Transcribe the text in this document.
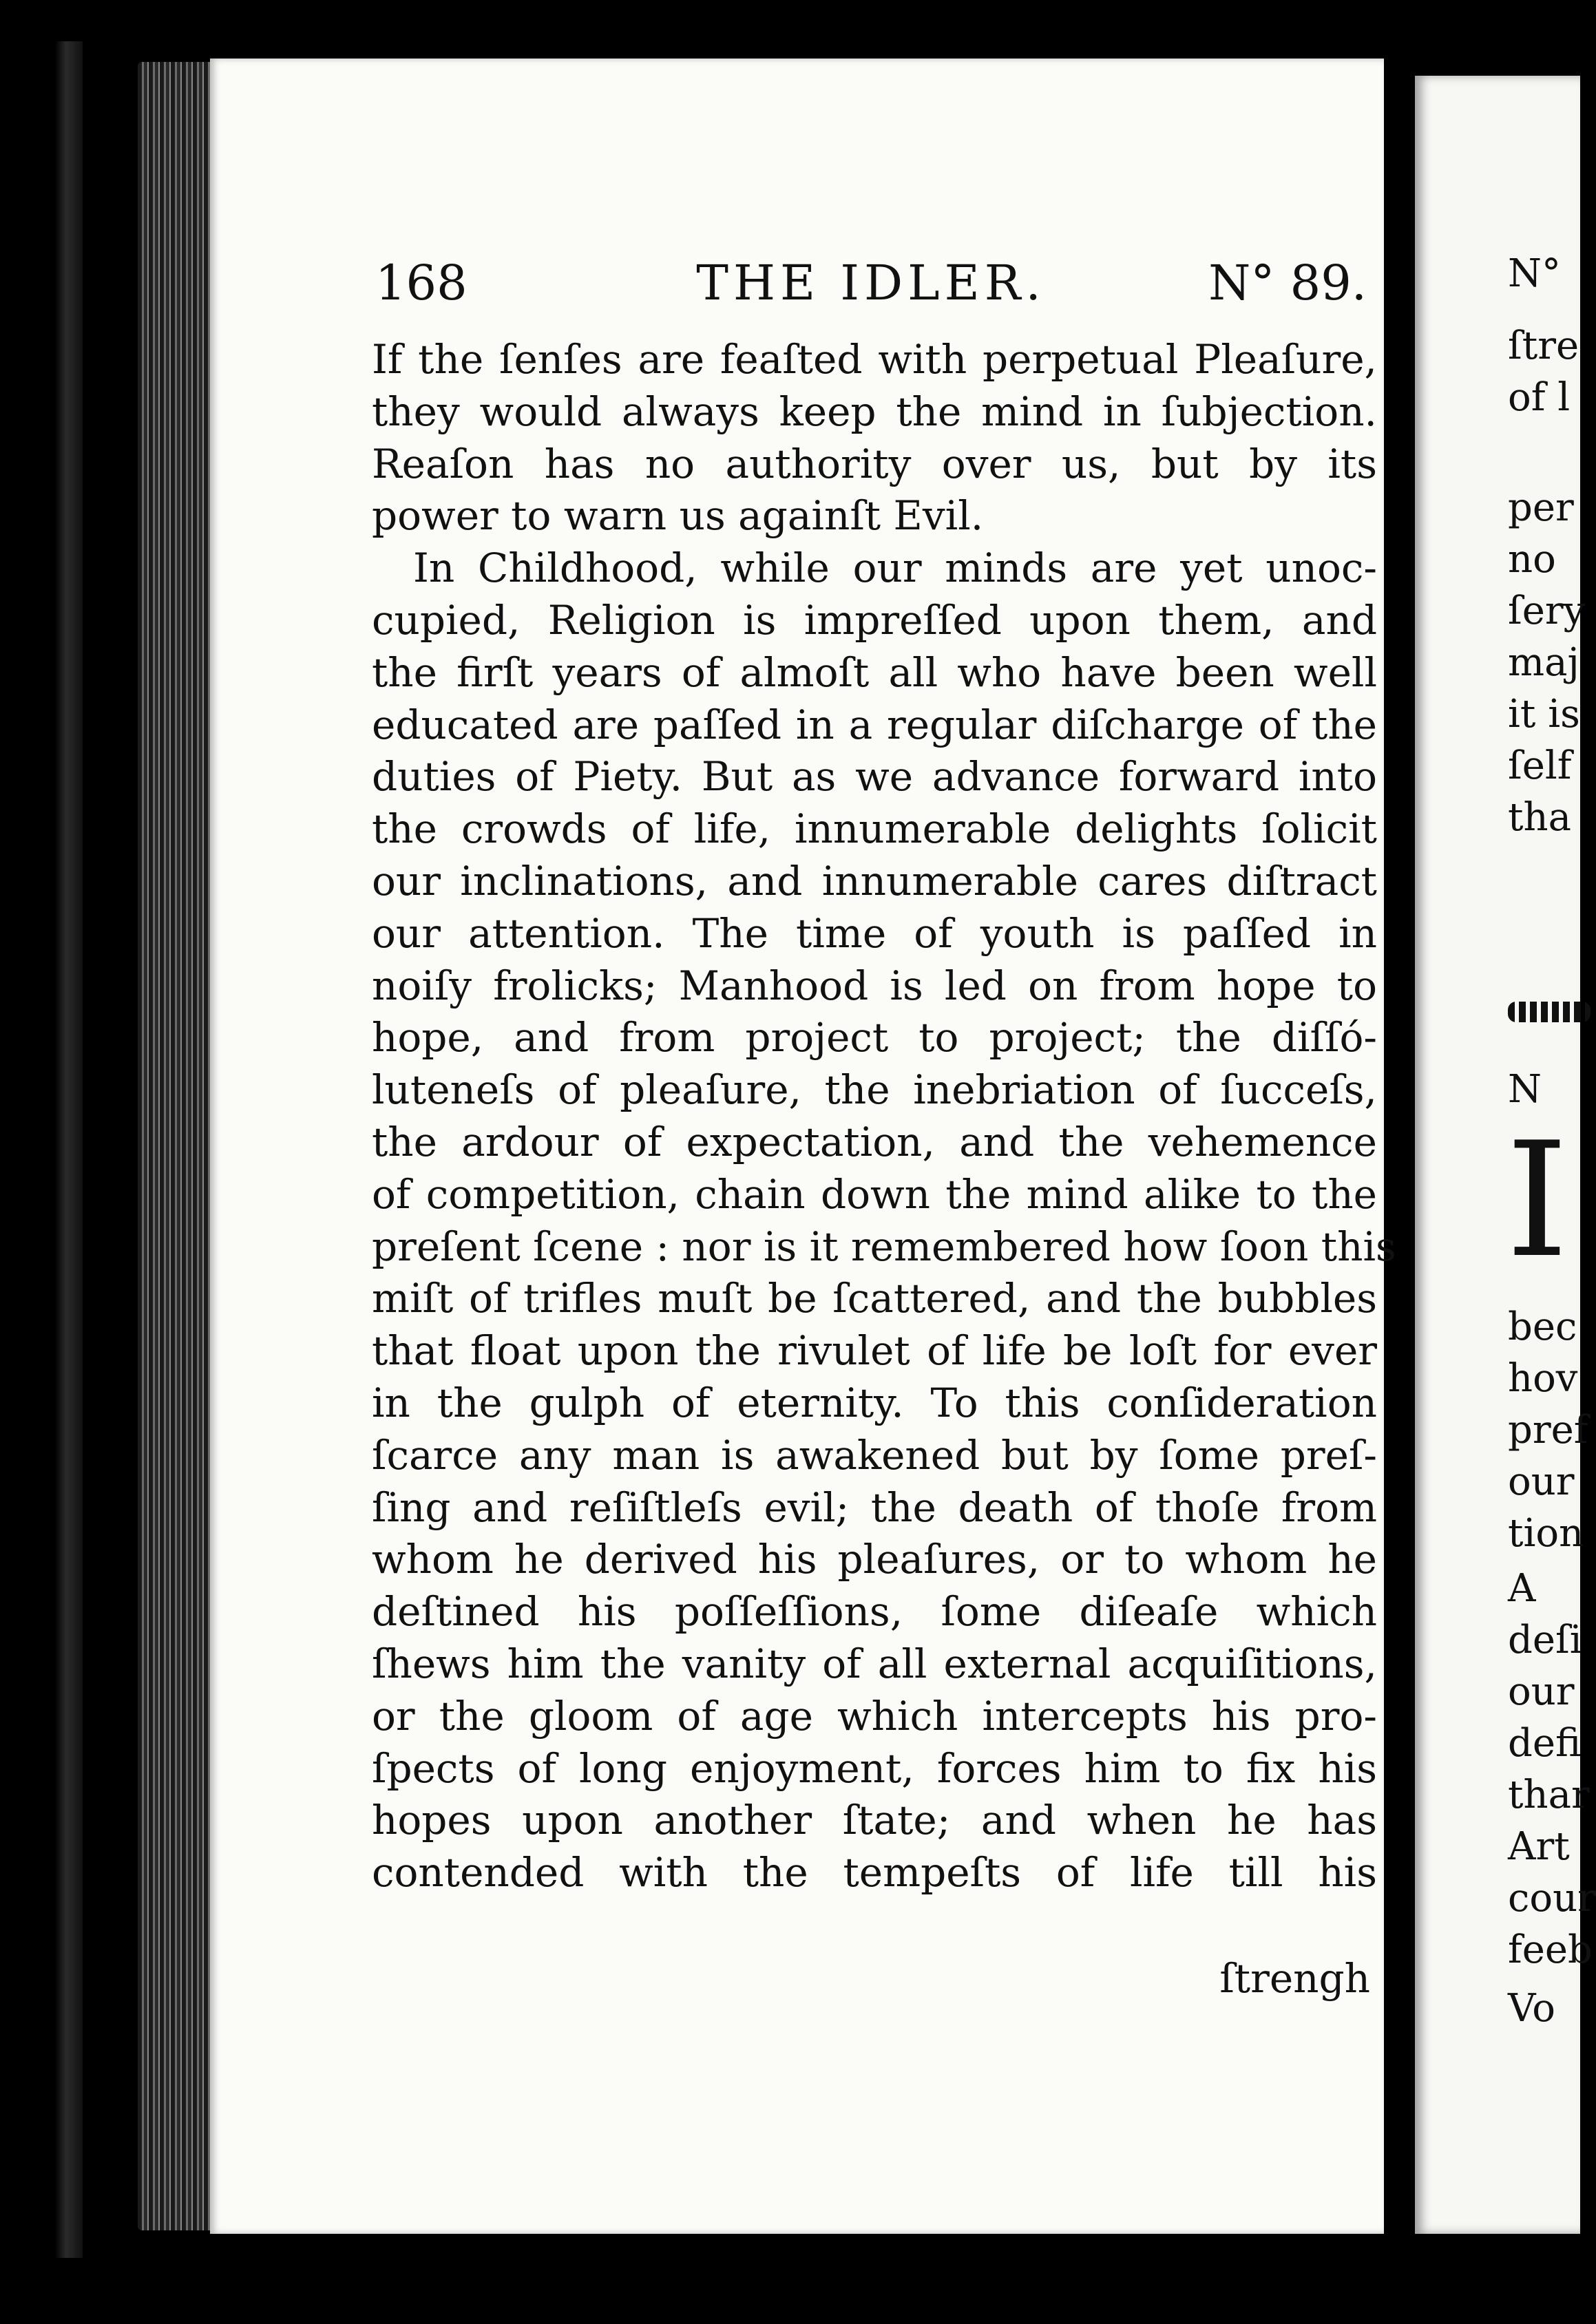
168	THE IDLER.	N° 89.
If the ſenſes are feaſted with perpetual Pleaſure,
they would always keep the mind in ſubjection.
Reaſon has no authority over us, but by its
power to warn us againſt Evil.
In Childhood, while our minds are yet unoc-
cupied, Religion is impreſſed upon them, and
the firſt years of almoſt all who have been well
educated are paſſed in a regular diſcharge of the
duties of Piety. But as we advance forward into
the crowds of life, innumerable delights ſolicit
our inclinations, and innumerable cares diſtract
our attention. The time of youth is paſſed in
noiſy frolicks; Manhood is led on from hope to
hope, and from project to project; the diſſó-
luteneſs of pleaſure, the inebriation of ſucceſs,
the ardour of expectation, and the vehemence
of competition, chain down the mind alike to the
preſent ſcene : nor is it remembered how ſoon this
miſt of trifles muſt be ſcattered, and the bubbles
that float upon the rivulet of life be loſt for ever
in the gulph of eternity. To this conſideration
ſcarce any man is awakened but by ſome preſ-
ſing and reſiſtleſs evil; the death of thoſe from
whom he derived his pleaſures, or to whom he
deſtined his poſſeſſions, ſome diſeaſe which
ſhews him the vanity of all external acquiſitions,
or the gloom of age which intercepts his pro-
ſpects of long enjoyment, forces him to fix his
hopes upon another ſtate; and when he has
contended with the tempeſts of life till his
ſtrengh
N°
ſtre
of l
per
no
ſery
maj
it is
ſelf
tha
N
I
bec
hov
pref
our
tion
A
deſi
our
defi
thar
Art
cour
feeb
Vo
